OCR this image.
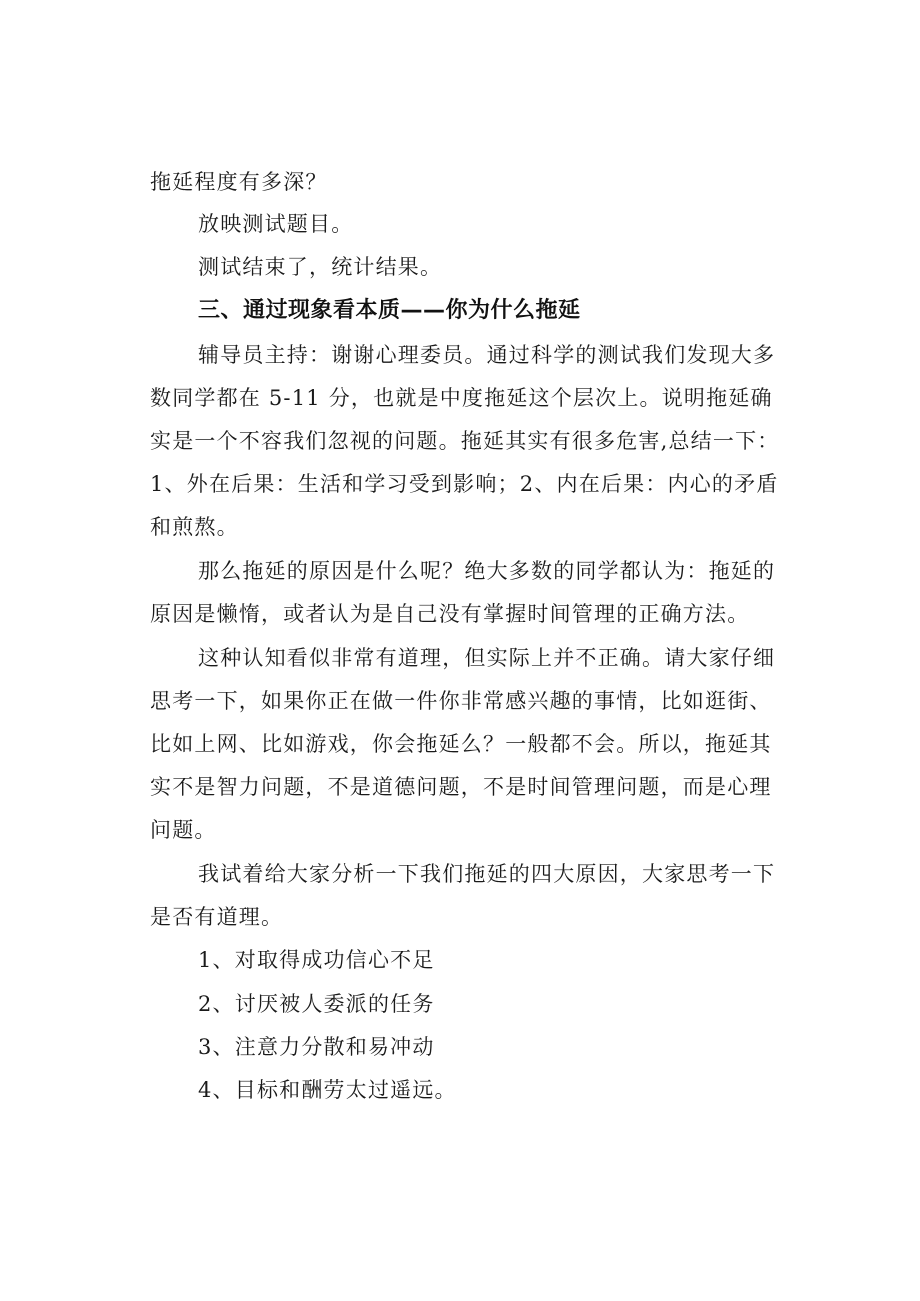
拖延程度有多深？

放映测试题目。

测试结束了，统计结果。

三、通过现象看本质——你为什么拖延

辅导员主持：谢谢心理委员。通过科学的测试我们发现大多

数同学都在 5-11 分，也就是中度拖延这个层次上。说明拖延确

实是一个不容我们忽视的问题。拖延其实有很多危害,总结一下：

1、外在后果：生活和学习受到影响；2、内在后果：内心的矛盾

和煎熬。

那么拖延的原因是什么呢？绝大多数的同学都认为：拖延的

原因是懒惰，或者认为是自己没有掌握时间管理的正确方法。

这种认知看似非常有道理，但实际上并不正确。请大家仔细

思考一下，如果你正在做一件你非常感兴趣的事情，比如逛街、

比如上网、比如游戏，你会拖延么？一般都不会。所以，拖延其

实不是智力问题，不是道德问题，不是时间管理问题，而是心理

问题。

我试着给大家分析一下我们拖延的四大原因，大家思考一下

是否有道理。

1、对取得成功信心不足

2、讨厌被人委派的任务

3、注意力分散和易冲动

4、目标和酬劳太过遥远。
